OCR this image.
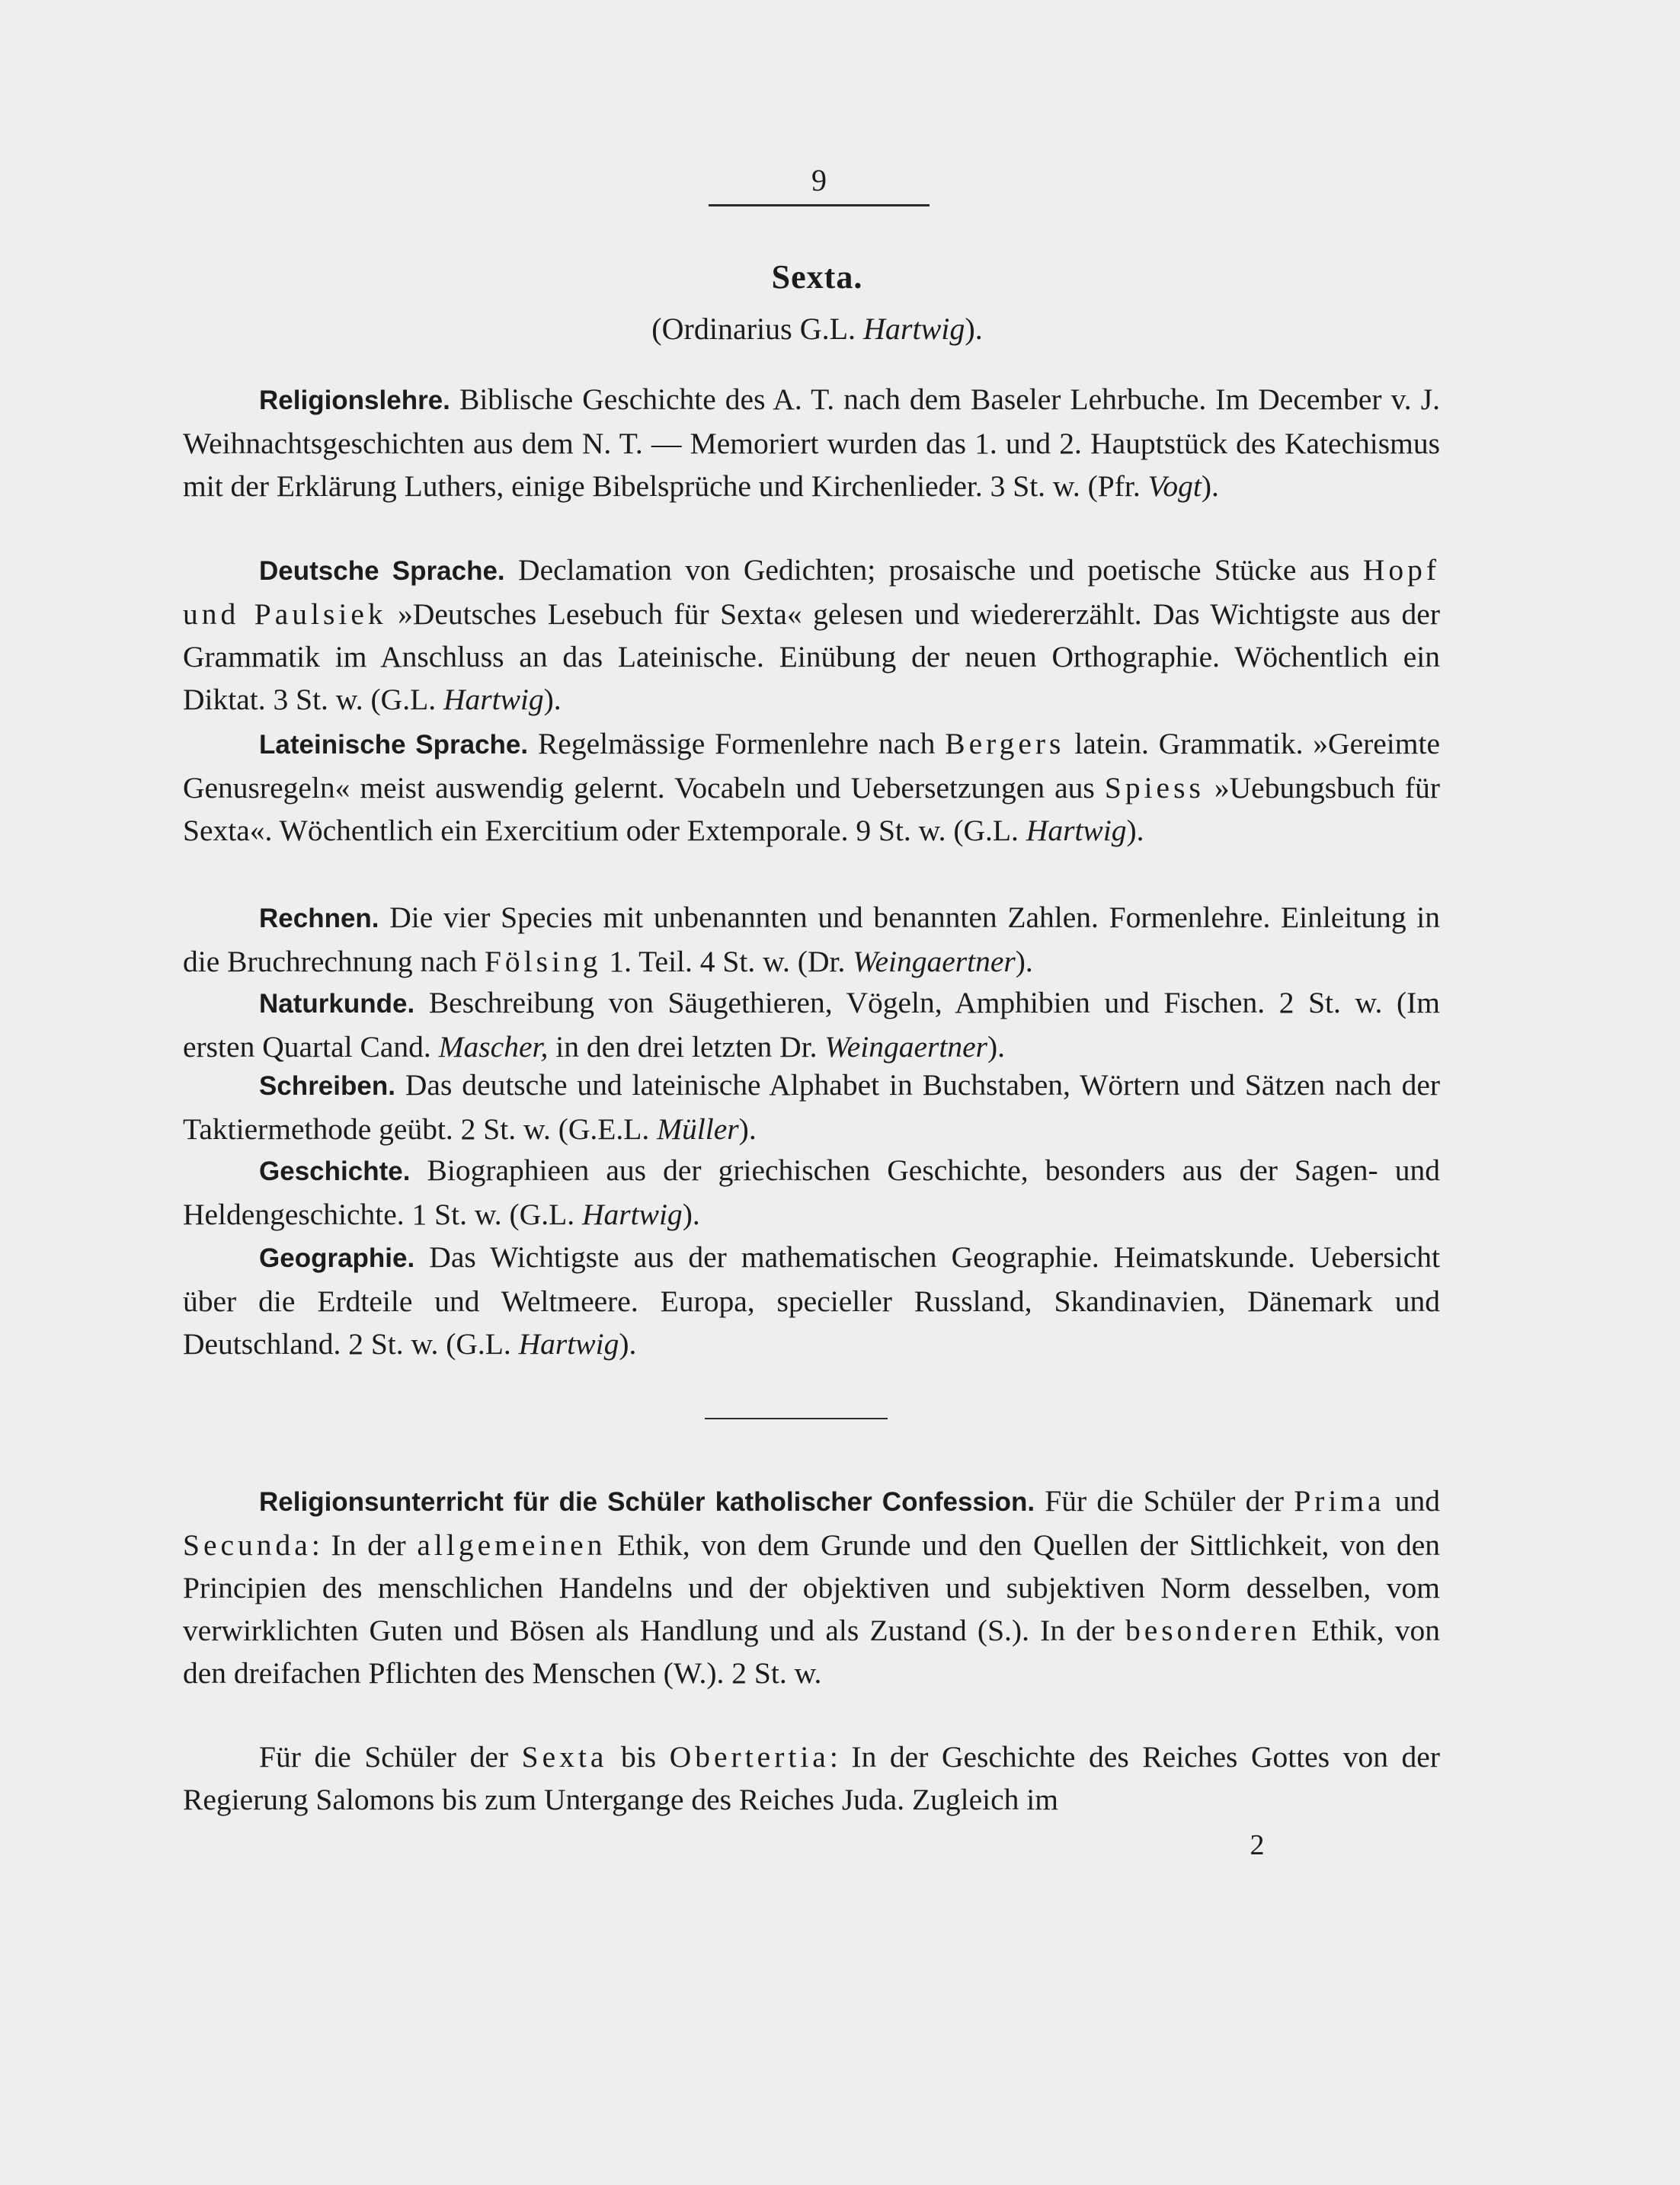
9
Sexta.
(Ordinarius G.L. Hartwig).
Religionslehre. Biblische Geschichte des A. T. nach dem Baseler Lehrbuche. Im December v. J. Weihnachtsgeschichten aus dem N. T. — Memoriert wurden das 1. und 2. Hauptstück des Katechismus mit der Erklärung Luthers, einige Bibelsprüche und Kirchenlieder. 3 St. w. (Pfr. Vogt).
Deutsche Sprache. Declamation von Gedichten; prosaische und poetische Stücke aus Hopf und Paulsiek »Deutsches Lesebuch für Sexta« gelesen und wiedererzählt. Das Wichtigste aus der Grammatik im Anschluss an das Lateinische. Einübung der neuen Orthographie. Wöchentlich ein Diktat. 3 St. w. (G.L. Hartwig).
Lateinische Sprache. Regelmässige Formenlehre nach Bergers latein. Grammatik. »Gereimte Genusregeln« meist auswendig gelernt. Vocabeln und Uebersetzungen aus Spiess »Uebungsbuch für Sexta«. Wöchentlich ein Exercitium oder Extemporale. 9 St. w. (G.L. Hartwig).
Rechnen. Die vier Species mit unbenannten und benannten Zahlen. Formenlehre. Einleitung in die Bruchrechnung nach Fölsing 1. Teil. 4 St. w. (Dr. Weingaertner).
Naturkunde. Beschreibung von Säugethieren, Vögeln, Amphibien und Fischen. 2 St. w. (Im ersten Quartal Cand. Mascher, in den drei letzten Dr. Weingaertner).
Schreiben. Das deutsche und lateinische Alphabet in Buchstaben, Wörtern und Sätzen nach der Taktiermethode geübt. 2 St. w. (G.E.L. Müller).
Geschichte. Biographieen aus der griechischen Geschichte, besonders aus der Sagen- und Heldengeschichte. 1 St. w. (G.L. Hartwig).
Geographie. Das Wichtigste aus der mathematischen Geographie. Heimatskunde. Uebersicht über die Erdteile und Weltmeere. Europa, specieller Russland, Skandinavien, Dänemark und Deutschland. 2 St. w. (G.L. Hartwig).
Religionsunterricht für die Schüler katholischer Confession. Für die Schüler der Prima und Secunda: In der allgemeinen Ethik, von dem Grunde und den Quellen der Sittlichkeit, von den Principien des menschlichen Handelns und der objektiven und subjektiven Norm desselben, vom verwirklichten Guten und Bösen als Handlung und als Zustand (S.). In der besonderen Ethik, von den dreifachen Pflichten des Menschen (W.). 2 St. w.
Für die Schüler der Sexta bis Obertertia: In der Geschichte des Reiches Gottes von der Regierung Salomons bis zum Untergange des Reiches Juda. Zugleich im
2
